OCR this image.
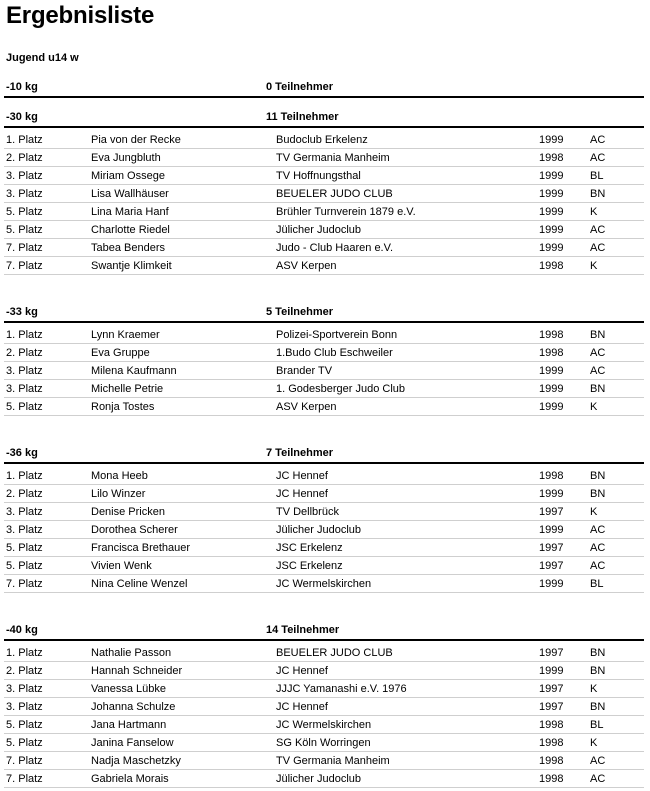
Ergebnisliste
Jugend u14 w
-10 kg	0 Teilnehmer
-30 kg	11 Teilnehmer
1. Platz	Pia von der Recke	Budoclub Erkelenz	1999 AC
2. Platz	Eva Jungbluth	TV Germania Manheim	1998 AC
3. Platz	Miriam Ossege	TV Hoffnungsthal	1999 BL
3. Platz	Lisa Wallhäuser	BEUELER JUDO CLUB	1999 BN
5. Platz	Lina Maria Hanf	Brühler Turnverein 1879 e.V.	1999 K
5. Platz	Charlotte Riedel	Jülicher Judoclub	1999 AC
7. Platz	Tabea Benders	Judo - Club Haaren e.V.	1999 AC
7. Platz	Swantje Klimkeit	ASV Kerpen	1998 K
-33 kg	5 Teilnehmer
1. Platz	Lynn Kraemer	Polizei-Sportverein Bonn	1998 BN
2. Platz	Eva Gruppe	1.Budo Club Eschweiler	1998 AC
3. Platz	Milena Kaufmann	Brander TV	1999 AC
3. Platz	Michelle Petrie	1. Godesberger Judo Club	1999 BN
5. Platz	Ronja Tostes	ASV Kerpen	1999 K
-36 kg	7 Teilnehmer
1. Platz	Mona Heeb	JC Hennef	1998 BN
2. Platz	Lilo Winzer	JC Hennef	1999 BN
3. Platz	Denise Pricken	TV Dellbrück	1997 K
3. Platz	Dorothea Scherer	Jülicher Judoclub	1999 AC
5. Platz	Francisca Brethauer	JSC Erkelenz	1997 AC
5. Platz	Vivien Wenk	JSC Erkelenz	1997 AC
7. Platz	Nina Celine Wenzel	JC Wermelskirchen	1999 BL
-40 kg	14 Teilnehmer
1. Platz	Nathalie Passon	BEUELER JUDO CLUB	1997 BN
2. Platz	Hannah Schneider	JC Hennef	1999 BN
3. Platz	Vanessa Lübke	JJJC Yamanashi e.V. 1976	1997 K
3. Platz	Johanna Schulze	JC Hennef	1997 BN
5. Platz	Jana Hartmann	JC Wermelskirchen	1998 BL
5. Platz	Janina Fanselow	SG Köln Worringen	1998 K
7. Platz	Nadja Maschetzky	TV Germania Manheim	1998 AC
7. Platz	Gabriela Morais	Jülicher Judoclub	1998 AC
